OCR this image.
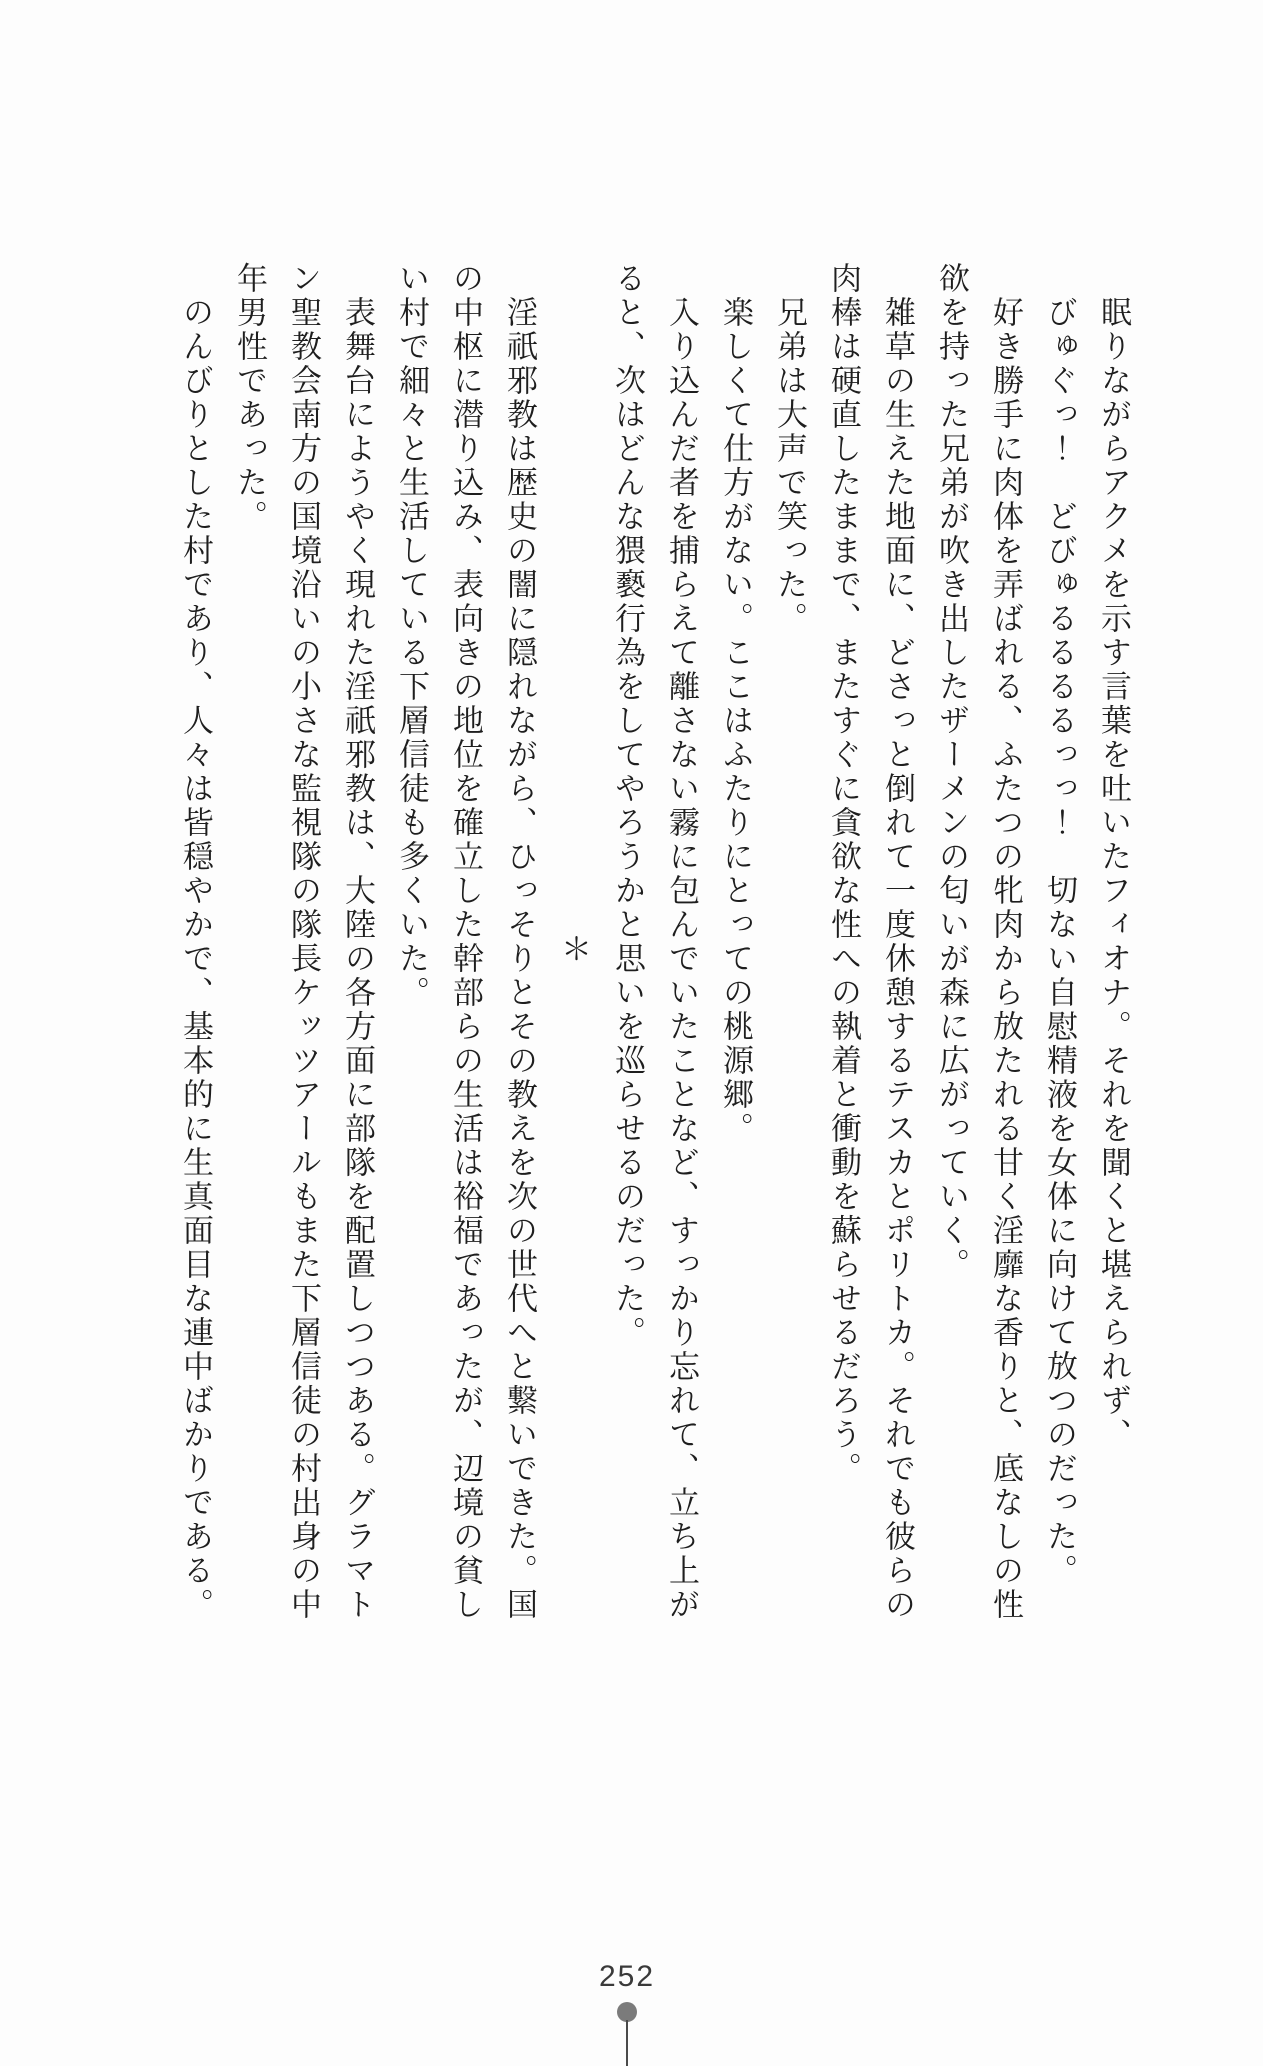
眠りながらアクメを示す言葉を吐いたフィオナ。それを聞くと堪えられず、
びゅぐっ！　どびゅるるるるっっ！　切ない自慰精液を女体に向けて放つのだった。
好き勝手に肉体を弄ばれる、ふたつの牝肉から放たれる甘く淫靡な香りと、底なしの性
欲を持った兄弟が吹き出したザーメンの匂いが森に広がっていく。
雑草の生えた地面に、どさっと倒れて一度休憩するテスカとポリトカ。それでも彼らの
肉棒は硬直したままで、またすぐに貪欲な性への執着と衝動を蘇らせるだろう。
兄弟は大声で笑った。
楽しくて仕方がない。ここはふたりにとっての桃源郷。
入り込んだ者を捕らえて離さない霧に包んでいたことなど、すっかり忘れて、立ち上が
ると、次はどんな猥褻行為をしてやろうかと思いを巡らせるのだった。
＊
淫祇邪教は歴史の闇に隠れながら、ひっそりとその教えを次の世代へと繋いできた。国
の中枢に潜り込み、表向きの地位を確立した幹部らの生活は裕福であったが、辺境の貧し
い村で細々と生活している下層信徒も多くいた。
表舞台にようやく現れた淫祇邪教は、大陸の各方面に部隊を配置しつつある。グラマト
ン聖教会南方の国境沿いの小さな監視隊の隊長ケッツアールもまた下層信徒の村出身の中
年男性であった。
のんびりとした村であり、人々は皆穏やかで、基本的に生真面目な連中ばかりである。
252
